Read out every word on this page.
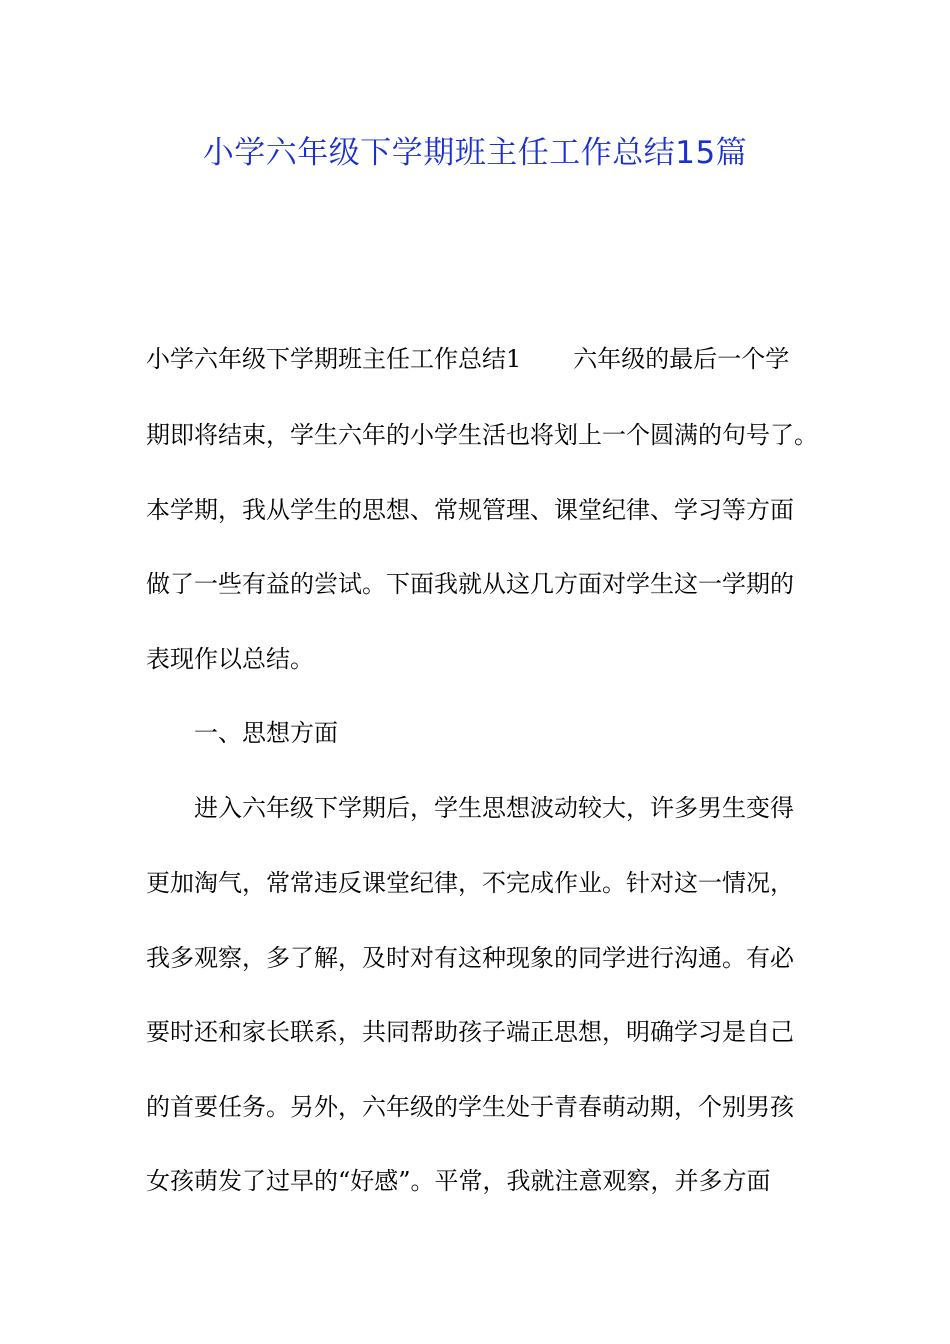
小学六年级下学期班主任工作总结15篇

小学六年级下学期班主任工作总结1 六年级的最后一个学

期即将结束，学生六年的小学生活也将划上一个圆满的句号了。

本学期，我从学生的思想、常规管理、课堂纪律、学习等方面

做了一些有益的尝试。下面我就从这几方面对学生这一学期的

表现作以总结。

一、思想方面

进入六年级下学期后，学生思想波动较大，许多男生变得

更加淘气，常常违反课堂纪律，不完成作业。针对这一情况，

我多观察，多了解，及时对有这种现象的同学进行沟通。有必

要时还和家长联系，共同帮助孩子端正思想，明确学习是自己

的首要任务。另外，六年级的学生处于青春萌动期，个别男孩

女孩萌发了过早的“好感”。平常，我就注意观察，并多方面
